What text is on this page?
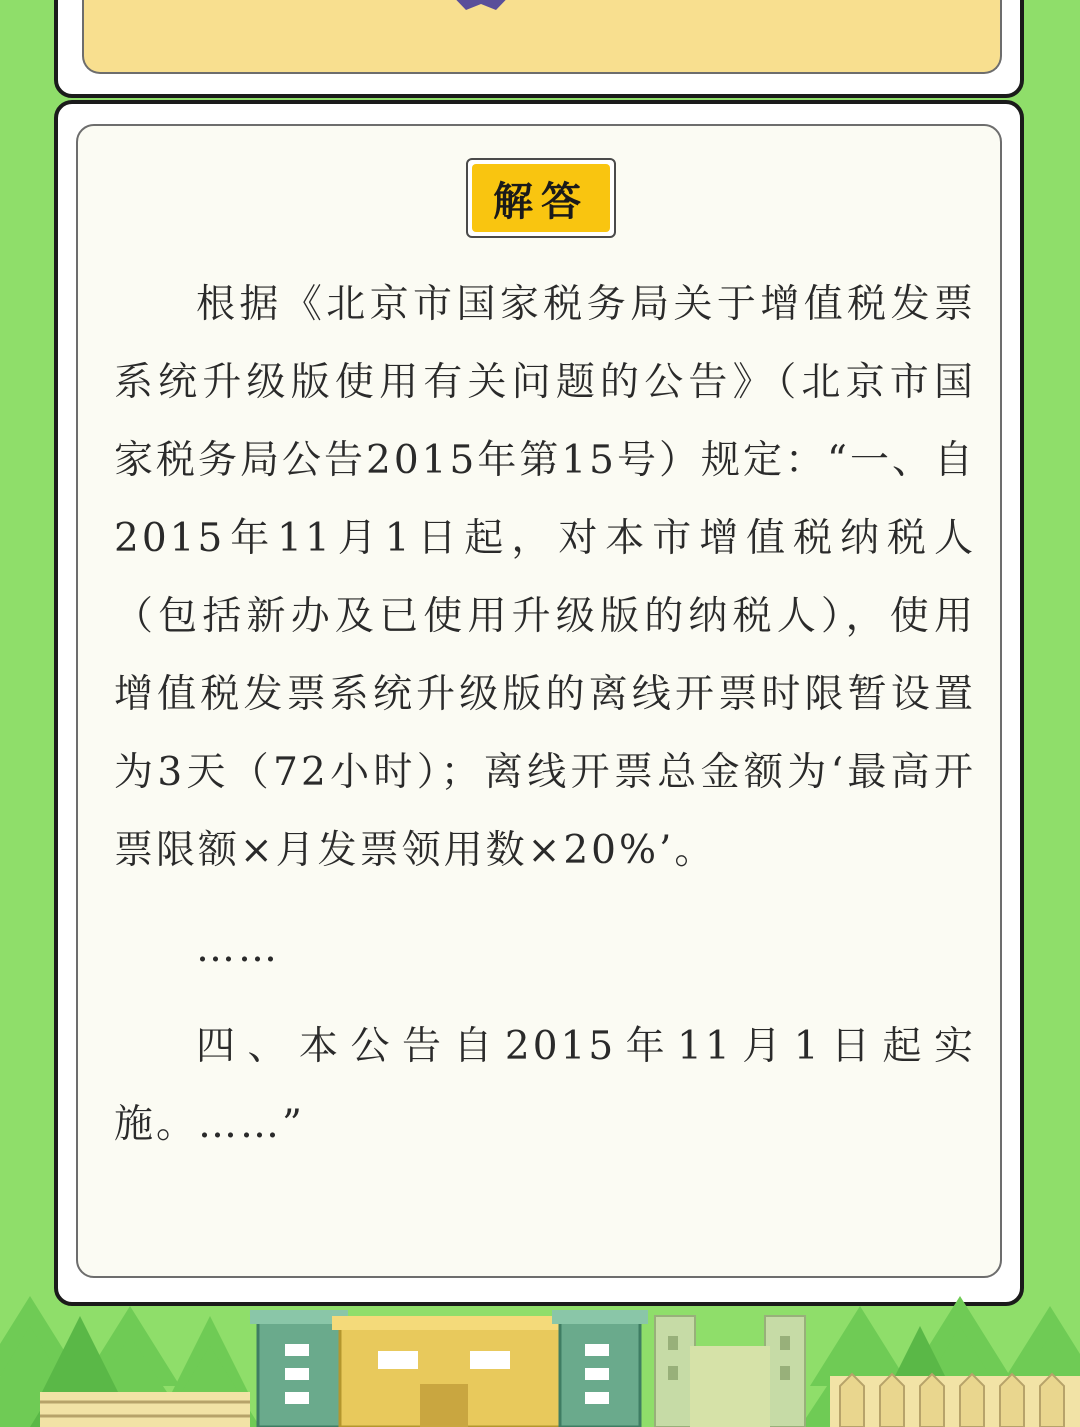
解答

根据《北京市国家税务局关于增值税发票系统升级版使用有关问题的公告》（北京市国家税务局公告2015年第15号）规定：“一、自2015年11月1日起，对本市增值税纳税人（包括新办及已使用升级版的纳税人），使用增值税发票系统升级版的离线开票时限暂设置为3天（72小时）；离线开票总金额为‘最高开票限额×月发票领用数×20%’。

……

四、本公告自2015年11月1日起实施。……”
